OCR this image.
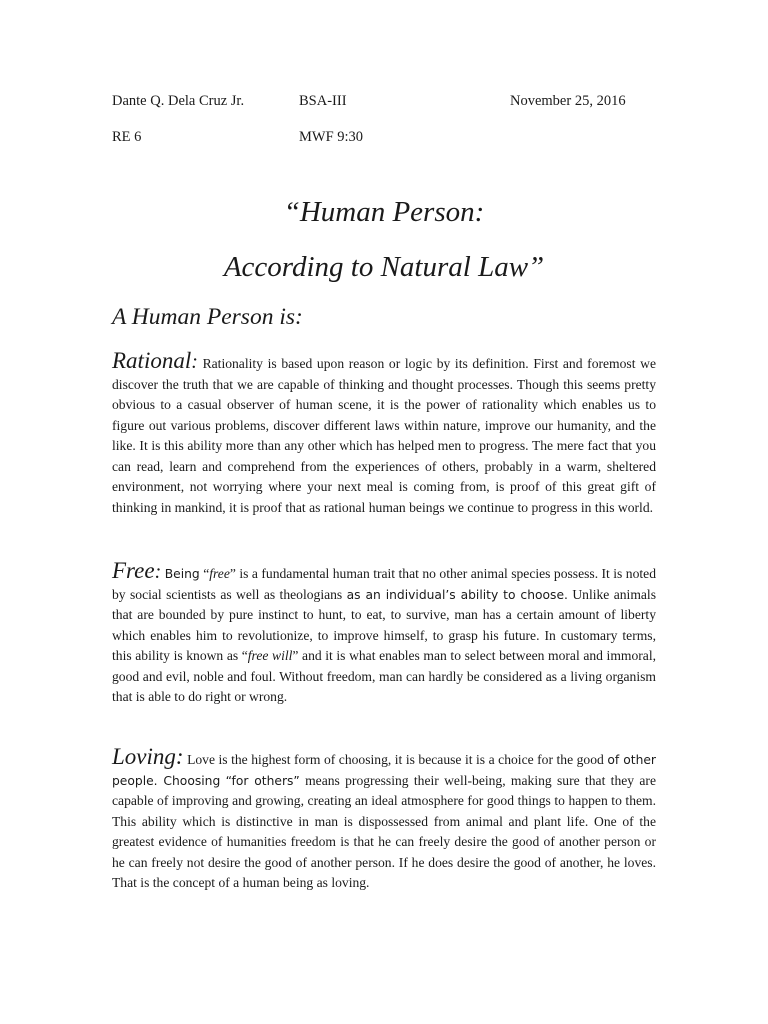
Dante Q. Dela Cruz Jr.	BSA-III	November 25, 2016
RE 6	MWF 9:30
“Human Person:
According to Natural Law”
A Human Person is:
Rational: Rationality is based upon reason or logic by its definition. First and foremost we discover the truth that we are capable of thinking and thought processes. Though this seems pretty obvious to a casual observer of human scene, it is the power of rationality which enables us to figure out various problems, discover different laws within nature, improve our humanity, and the like. It is this ability more than any other which has helped men to progress. The mere fact that you can read, learn and comprehend from the experiences of others, probably in a warm, sheltered environment, not worrying where your next meal is coming from, is proof of this great gift of thinking in mankind, it is proof that as rational human beings we continue to progress in this world.
Free: Being “free” is a fundamental human trait that no other animal species possess. It is noted by social scientists as well as theologians as an individual’s ability to choose. Unlike animals that are bounded by pure instinct to hunt, to eat, to survive, man has a certain amount of liberty which enables him to revolutionize, to improve himself, to grasp his future. In customary terms, this ability is known as “free will” and it is what enables man to select between moral and immoral, good and evil, noble and foul. Without freedom, man can hardly be considered as a living organism that is able to do right or wrong.
Loving: Love is the highest form of choosing, it is because it is a choice for the good of other people. Choosing “for others” means progressing their well-being, making sure that they are capable of improving and growing, creating an ideal atmosphere for good things to happen to them. This ability which is distinctive in man is dispossessed from animal and plant life. One of the greatest evidence of humanities freedom is that he can freely desire the good of another person or he can freely not desire the good of another person. If he does desire the good of another, he loves. That is the concept of a human being as loving.
